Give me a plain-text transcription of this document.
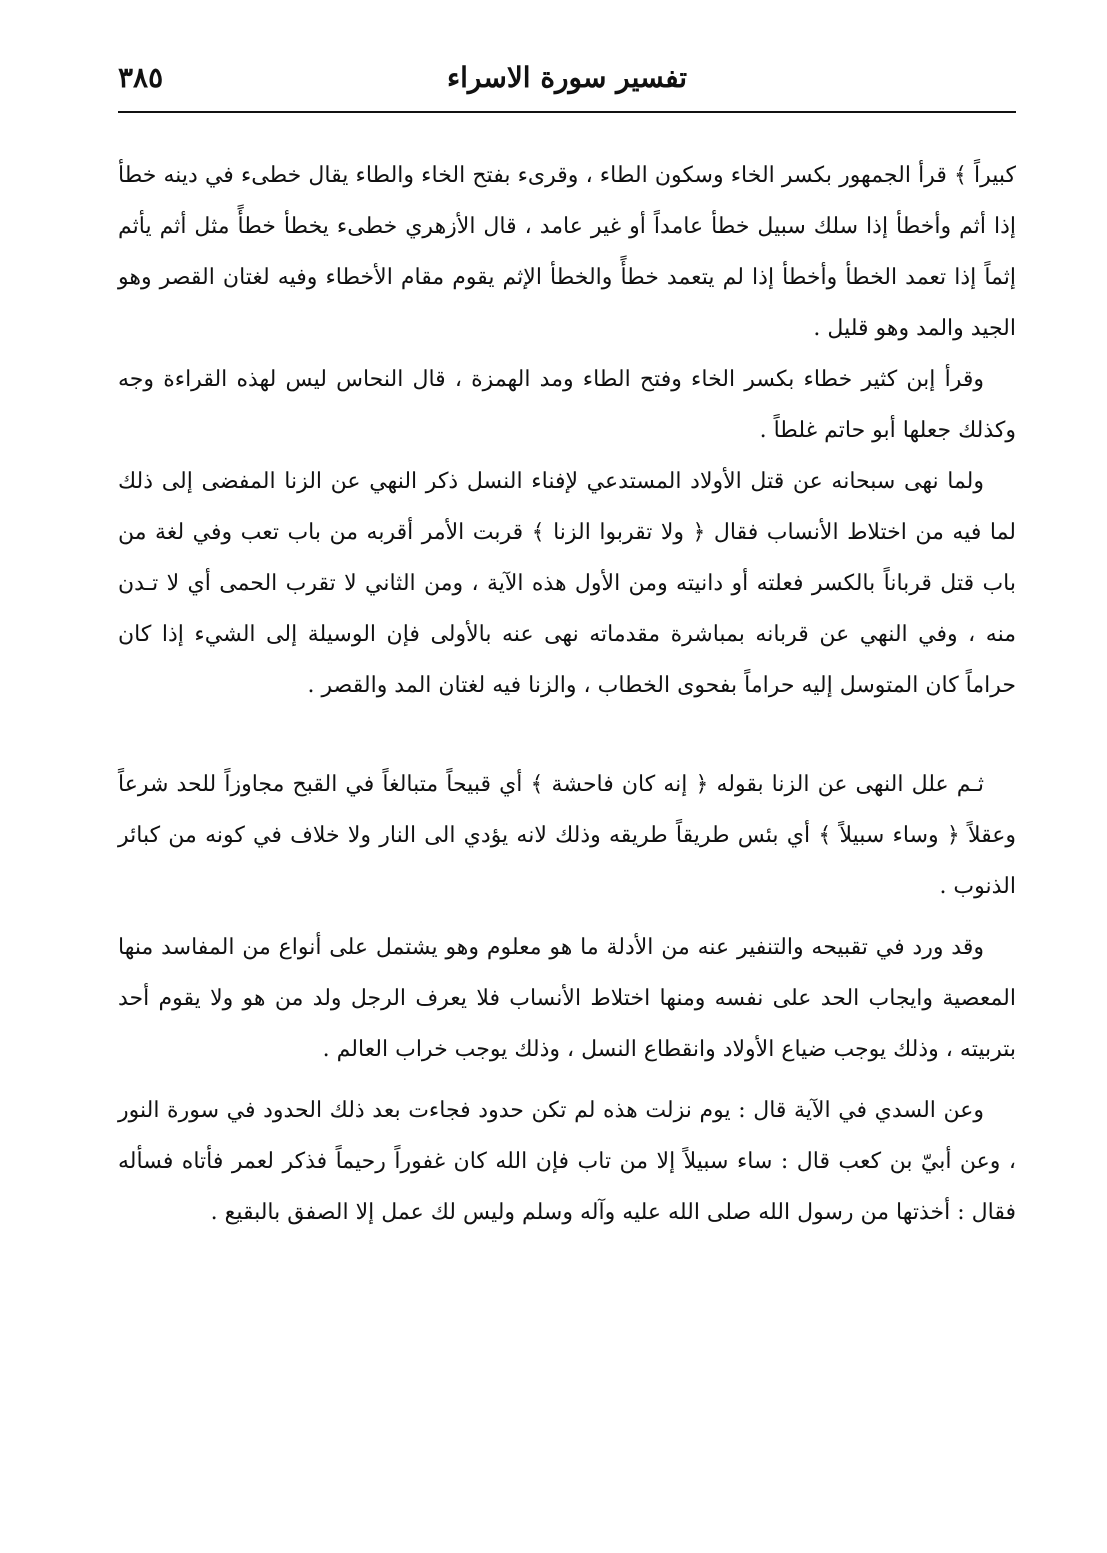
٣٨٥	تفسير سورة الاسراء

كبيراً ﴾ قرأ الجمهور بكسر الخاء وسكون الطاء ، وقرىء بفتح الخاء والطاء يقال خطىء في دينه خطأ إذا أثم وأخطأ إذا سلك سبيل خطأ عامداً أو غير عامد ، قال الأزهري خطىء يخطأ خطأً مثل أثم يأثم إثماً إذا تعمد الخطأ وأخطأ إذا لم يتعمد خطأً والخطأ الإثم يقوم مقام الأخطاء وفيه لغتان القصر وهو الجيد والمد وهو قليل .

وقرأ إبن كثير خطاء بكسر الخاء وفتح الطاء ومد الهمزة ، قال النحاس ليس لهذه القراءة وجه وكذلك جعلها أبو حاتم غلطاً .

ولما نهى سبحانه عن قتل الأولاد المستدعي لإفناء النسل ذكر النهي عن الزنا المفضى إلى ذلك لما فيه من اختلاط الأنساب فقال ﴿ ولا تقربوا الزنا ﴾ قربت الأمر أقربه من باب تعب وفي لغة من باب قتل قرباناً بالكسر فعلته أو دانيته ومن الأول هذه الآية ، ومن الثاني لا تقرب الحمى أي لا تـدن منه ، وفي النهي عن قربانه بمباشرة مقدماته نهى عنه بالأولى فإن الوسيلة إلى الشيء إذا كان حراماً كان المتوسل إليه حراماً بفحوى الخطاب ، والزنا فيه لغتان المد والقصر .

ثـم علل النهى عن الزنا بقوله ﴿ إنه كان فاحشة ﴾ أي قبيحاً متبالغاً في القبح مجاوزاً للحد شرعاً وعقلاً ﴿ وساء سبيلاً ﴾ أي بئس طريقاً طريقه وذلك لانه يؤدي الى النار ولا خلاف في كونه من كبائر الذنوب .

وقد ورد في تقبيحه والتنفير عنه من الأدلة ما هو معلوم وهو يشتمل على أنواع من المفاسد منها المعصية وايجاب الحد على نفسه ومنها اختلاط الأنساب فلا يعرف الرجل ولد من هو ولا يقوم أحد بتربيته ، وذلك يوجب ضياع الأولاد وانقطاع النسل ، وذلك يوجب خراب العالم .

وعن السدي في الآية قال : يوم نزلت هذه لم تكن حدود فجاءت بعد ذلك الحدود في سورة النور ، وعن أبيّ بن كعب قال : ساء سبيلاً إلا من تاب فإن الله كان غفوراً رحيماً فذكر لعمر فأتاه فسأله فقال : أخذتها من رسول الله صلى الله عليه وآله وسلم وليس لك عمل إلا الصفق بالبقيع .
